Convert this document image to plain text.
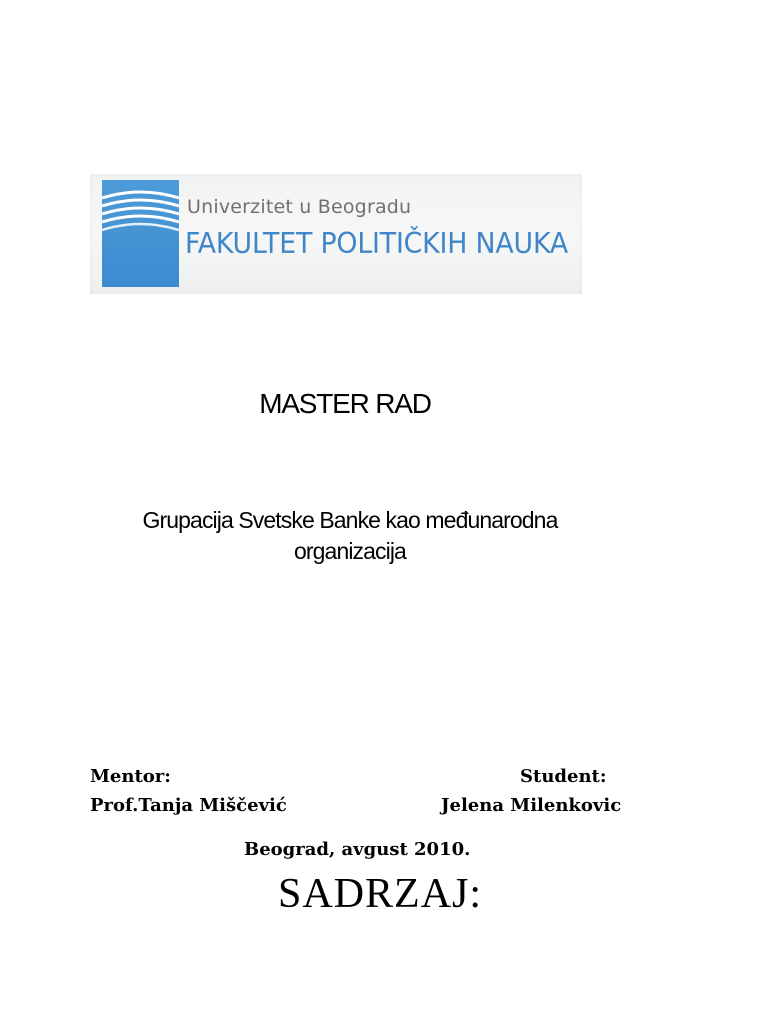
Univerzitet u Beogradu
FAKULTET POLITIČKIH NAUKA
MASTER RAD
Grupacija Svetske Banke kao međunarodna
organizacija
Mentor:
Prof.Tanja Miščević
Student:
Jelena Milenkovic
Beograd, avgust 2010.
SADRZAJ:
